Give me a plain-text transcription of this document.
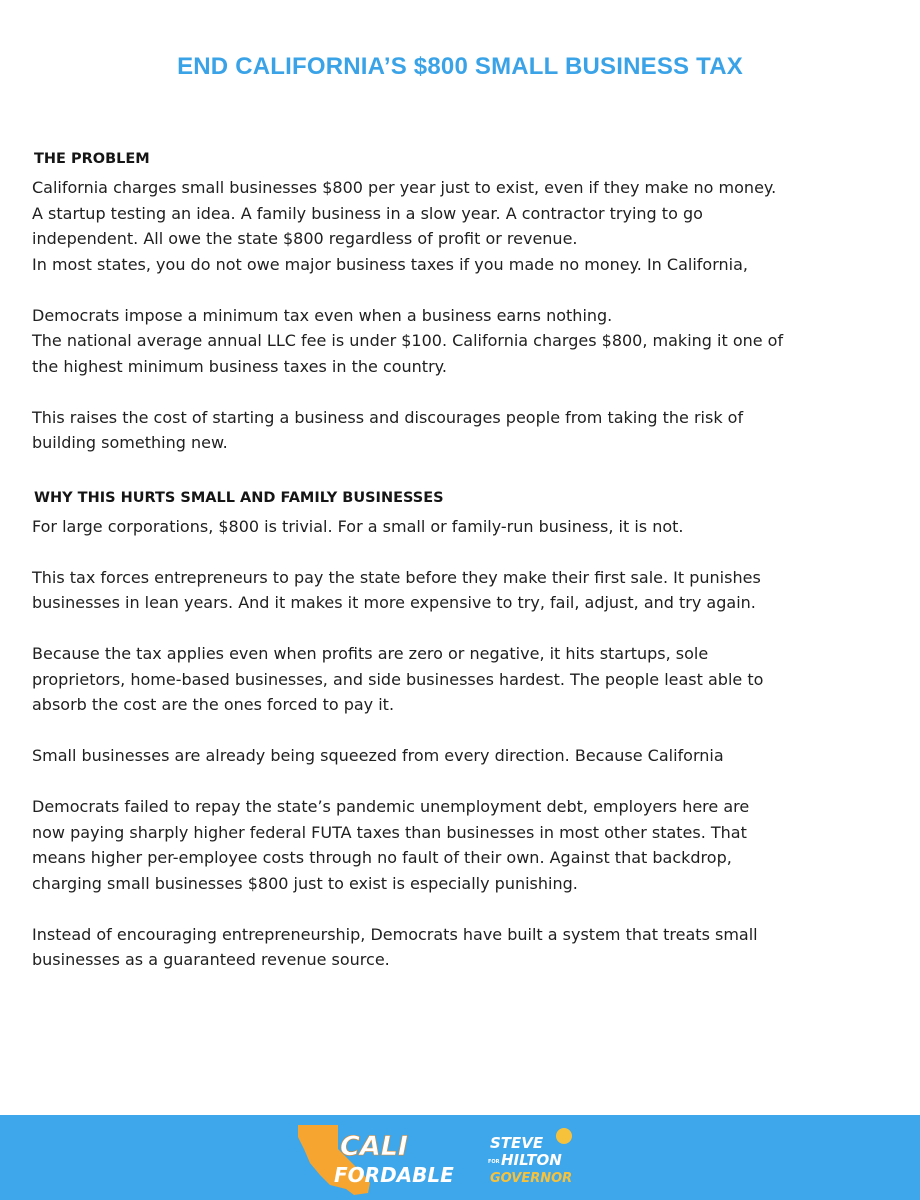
END CALIFORNIA’S $800 SMALL BUSINESS TAX
THE PROBLEM
California charges small businesses $800 per year just to exist, even if they make no money.
A startup testing an idea. A family business in a slow year. A contractor trying to go
independent. All owe the state $800 regardless of profit or revenue.
In most states, you do not owe major business taxes if you made no money. In California,
Democrats impose a minimum tax even when a business earns nothing.
The national average annual LLC fee is under $100. California charges $800, making it one of
the highest minimum business taxes in the country.
This raises the cost of starting a business and discourages people from taking the risk of
building something new.
WHY THIS HURTS SMALL AND FAMILY BUSINESSES
For large corporations, $800 is trivial. For a small or family-run business, it is not.
This tax forces entrepreneurs to pay the state before they make their first sale. It punishes
businesses in lean years. And it makes it more expensive to try, fail, adjust, and try again.
Because the tax applies even when profits are zero or negative, it hits startups, sole
proprietors, home-based businesses, and side businesses hardest. The people least able to
absorb the cost are the ones forced to pay it.
Small businesses are already being squeezed from every direction. Because California
Democrats failed to repay the state’s pandemic unemployment debt, employers here are
now paying sharply higher federal FUTA taxes than businesses in most other states. That
means higher per-employee costs through no fault of their own. Against that backdrop,
charging small businesses $800 just to exist is especially punishing.
Instead of encouraging entrepreneurship, Democrats have built a system that treats small
businesses as a guaranteed revenue source.
CALI
FORDABLE
STEVE
FOR HILTON
GOVERNOR
